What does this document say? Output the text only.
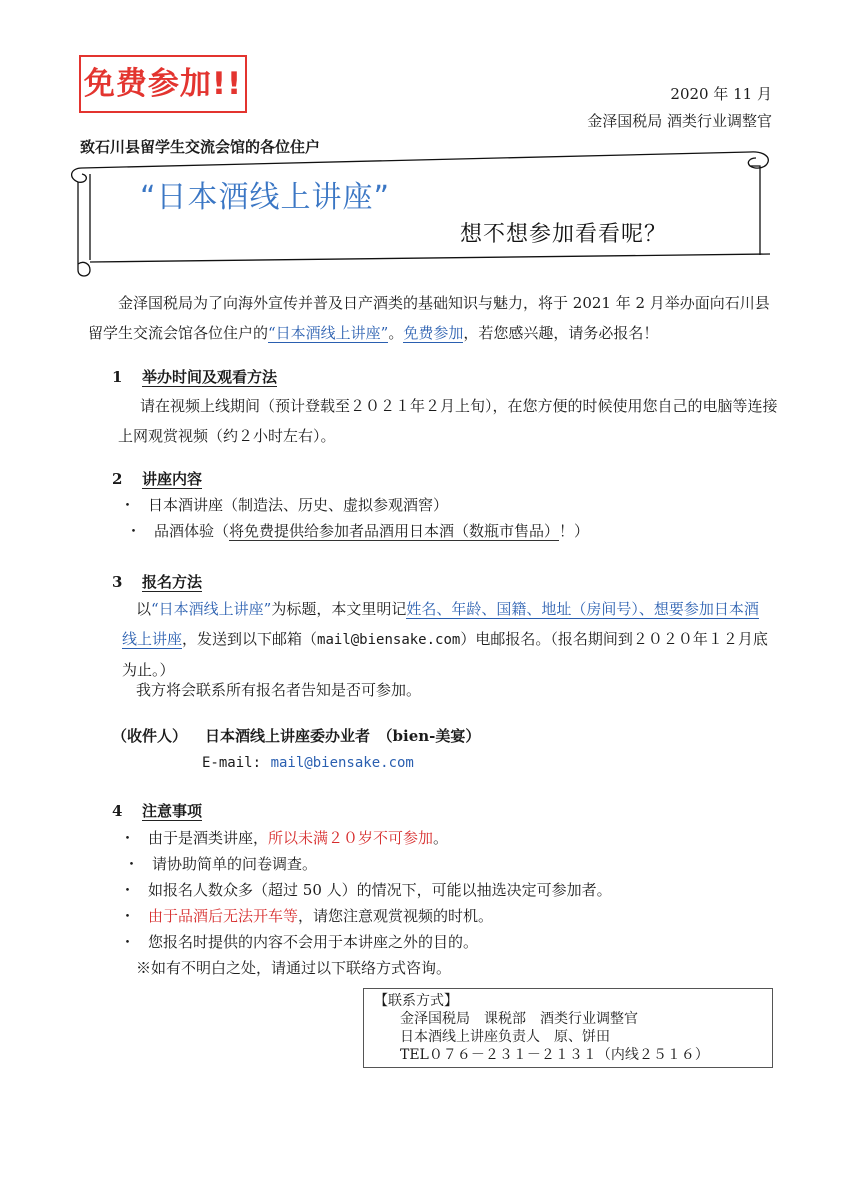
免费参加!!	2020 年 11 月
金泽国税局 酒类行业调整官
致石川县留学生交流会馆的各位住户
“日本酒线上讲座”
想不想参加看看呢？
金泽国税局为了向海外宣传并普及日产酒类的基础知识与魅力，将于 2021 年 2 月举办面向石川县留学生交流会馆各位住户的“日本酒线上讲座”。免费参加，若您感兴趣，请务必报名！
1 举办时间及观看方法
请在视频上线期间（预计登载至２０２１年２月上旬），在您方便的时候使用您自己的电脑等连接上网观赏视频（约２小时左右）。
2 讲座内容
・ 日本酒讲座（制造法、历史、虚拟参观酒窖）
・ 品酒体验（将免费提供给参加者品酒用日本酒（数瓶市售品）！）
3 报名方法
以“日本酒线上讲座”为标题，本文里明记姓名、年龄、国籍、地址（房间号）、想要参加日本酒线上讲座，发送到以下邮箱（mail@biensake.com）电邮报名。（报名期间到２０２０年１２月底为止。）
我方将会联系所有报名者告知是否可参加。
（收件人） 日本酒线上讲座委办业者　（bien-美宴）
E-mail: mail@biensake.com
4 注意事项
・ 由于是酒类讲座，所以未满２０岁不可参加。
・ 请协助简单的问卷调查。
・ 如报名人数众多（超过 50 人）的情况下，可能以抽选决定可参加者。
・ 由于品酒后无法开车等，请您注意观赏视频的时机。
・ 您报名时提供的内容不会用于本讲座之外的目的。
※如有不明白之处，请通过以下联络方式咨询。
【联系方式】
金泽国税局　课税部　酒类行业调整官
日本酒线上讲座负责人　原、饼田
TEL０７６－２３１－２１３１（内线２５１６）
